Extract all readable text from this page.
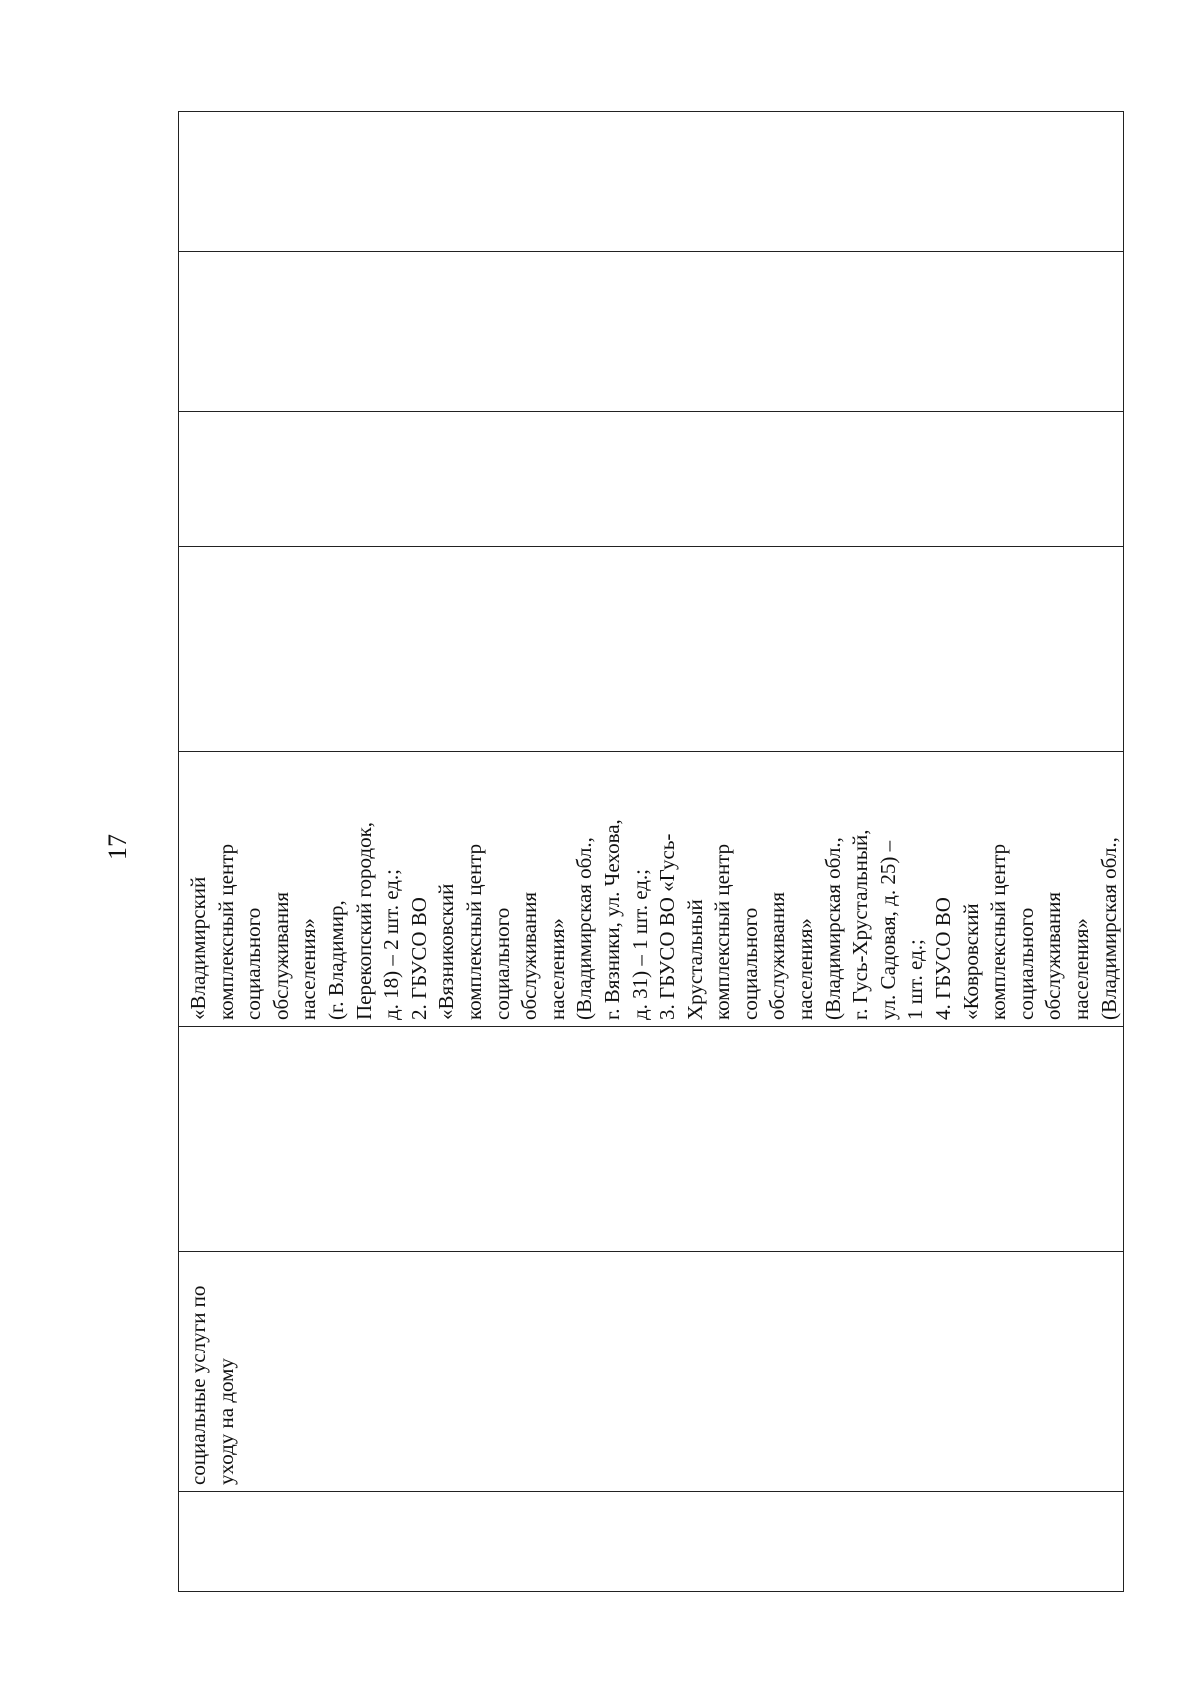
17

социальные услуги по
уходу на дому

«Владимирский
комплексный центр
социального
обслуживания
населения»
(г. Владимир,
Перекопский городок,
д. 18) – 2 шт. ед.;
2. ГБУСО ВО
«Вязниковский
комплексный центр
социального
обслуживания
населения»
(Владимирская обл.,
г. Вязники, ул. Чехова,
д. 31) – 1 шт. ед.;
3. ГБУСО ВО «Гусь-
Хрустальный
комплексный центр
социального
обслуживания
населения»
(Владимирская обл.,
г. Гусь-Хрустальный,
ул. Садовая, д. 25) –
1 шт. ед.;
4. ГБУСО ВО
«Ковровский
комплексный центр
социального
обслуживания
населения»
(Владимирская обл.,
